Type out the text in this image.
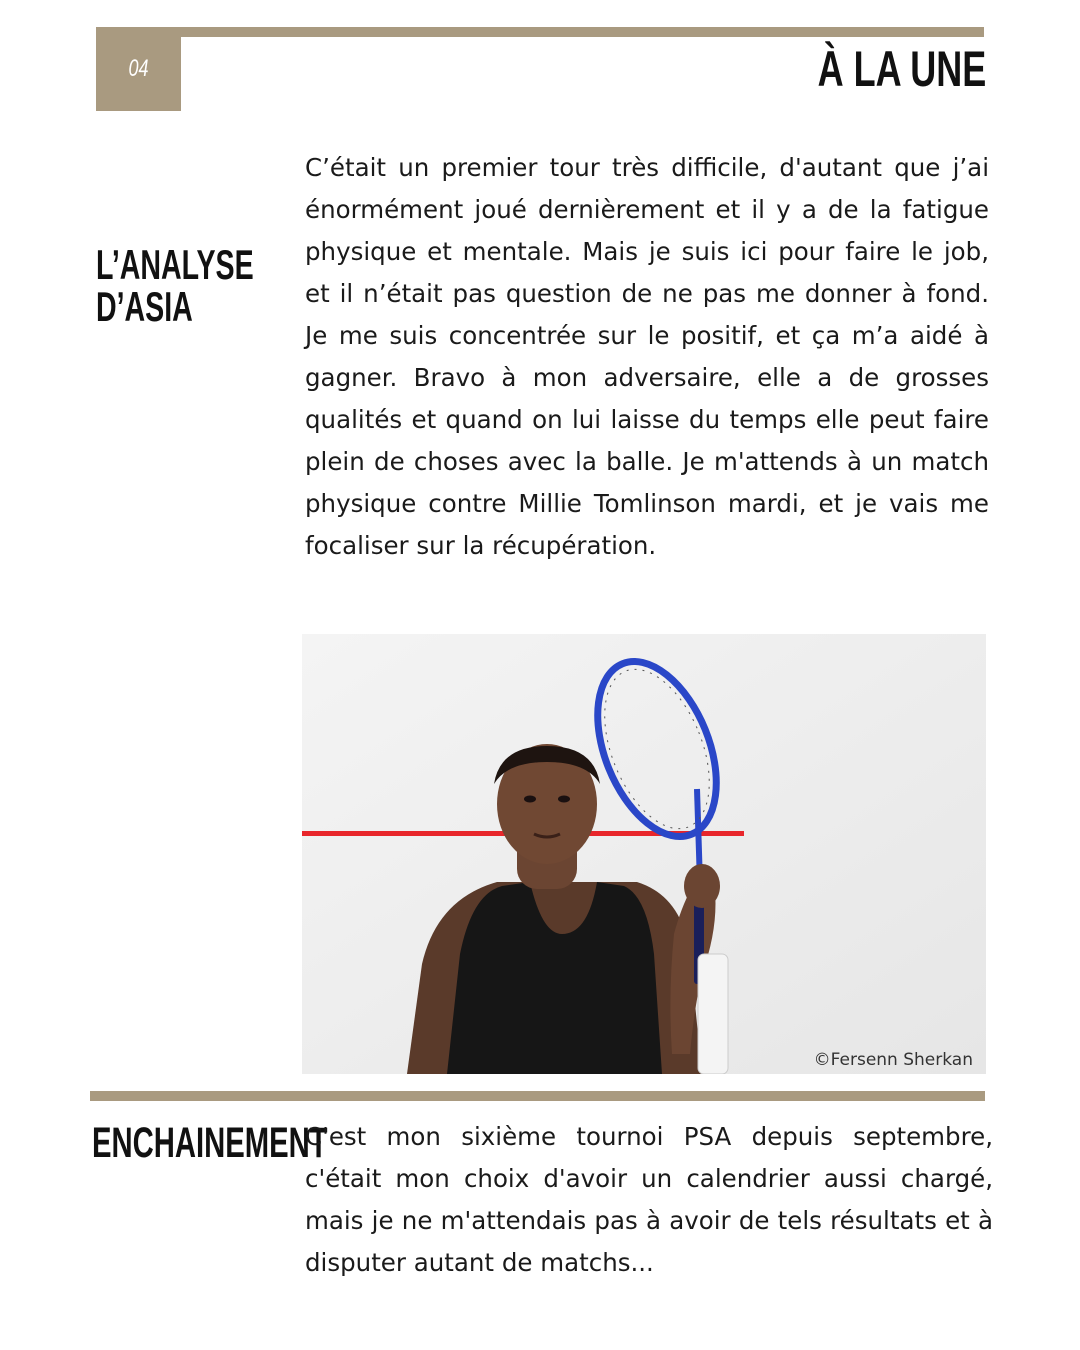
04	À LA UNE
L’ANALYSE
D’ASIA

C’était un premier tour très difficile, d'autant que j’ai énormément joué dernièrement et il y a de la fatigue physique et mentale. Mais je suis ici pour faire le job, et il n’était pas question de ne pas me donner à fond. Je me suis concentrée sur le positif, et ça m’a aidé à gagner. Bravo à mon adversaire, elle a de grosses qualités et quand on lui laisse du temps elle peut faire plein de choses avec la balle. Je m'attends à un match physique contre Millie Tomlinson mardi, et je vais me focaliser sur la récupération.

©Fersenn Sherkan
ENCHAINEMENT

C'est mon sixième tournoi PSA depuis septembre, c'était mon choix d'avoir un calendrier aussi chargé, mais je ne m'attendais pas à avoir de tels résultats et à disputer autant de matchs...
